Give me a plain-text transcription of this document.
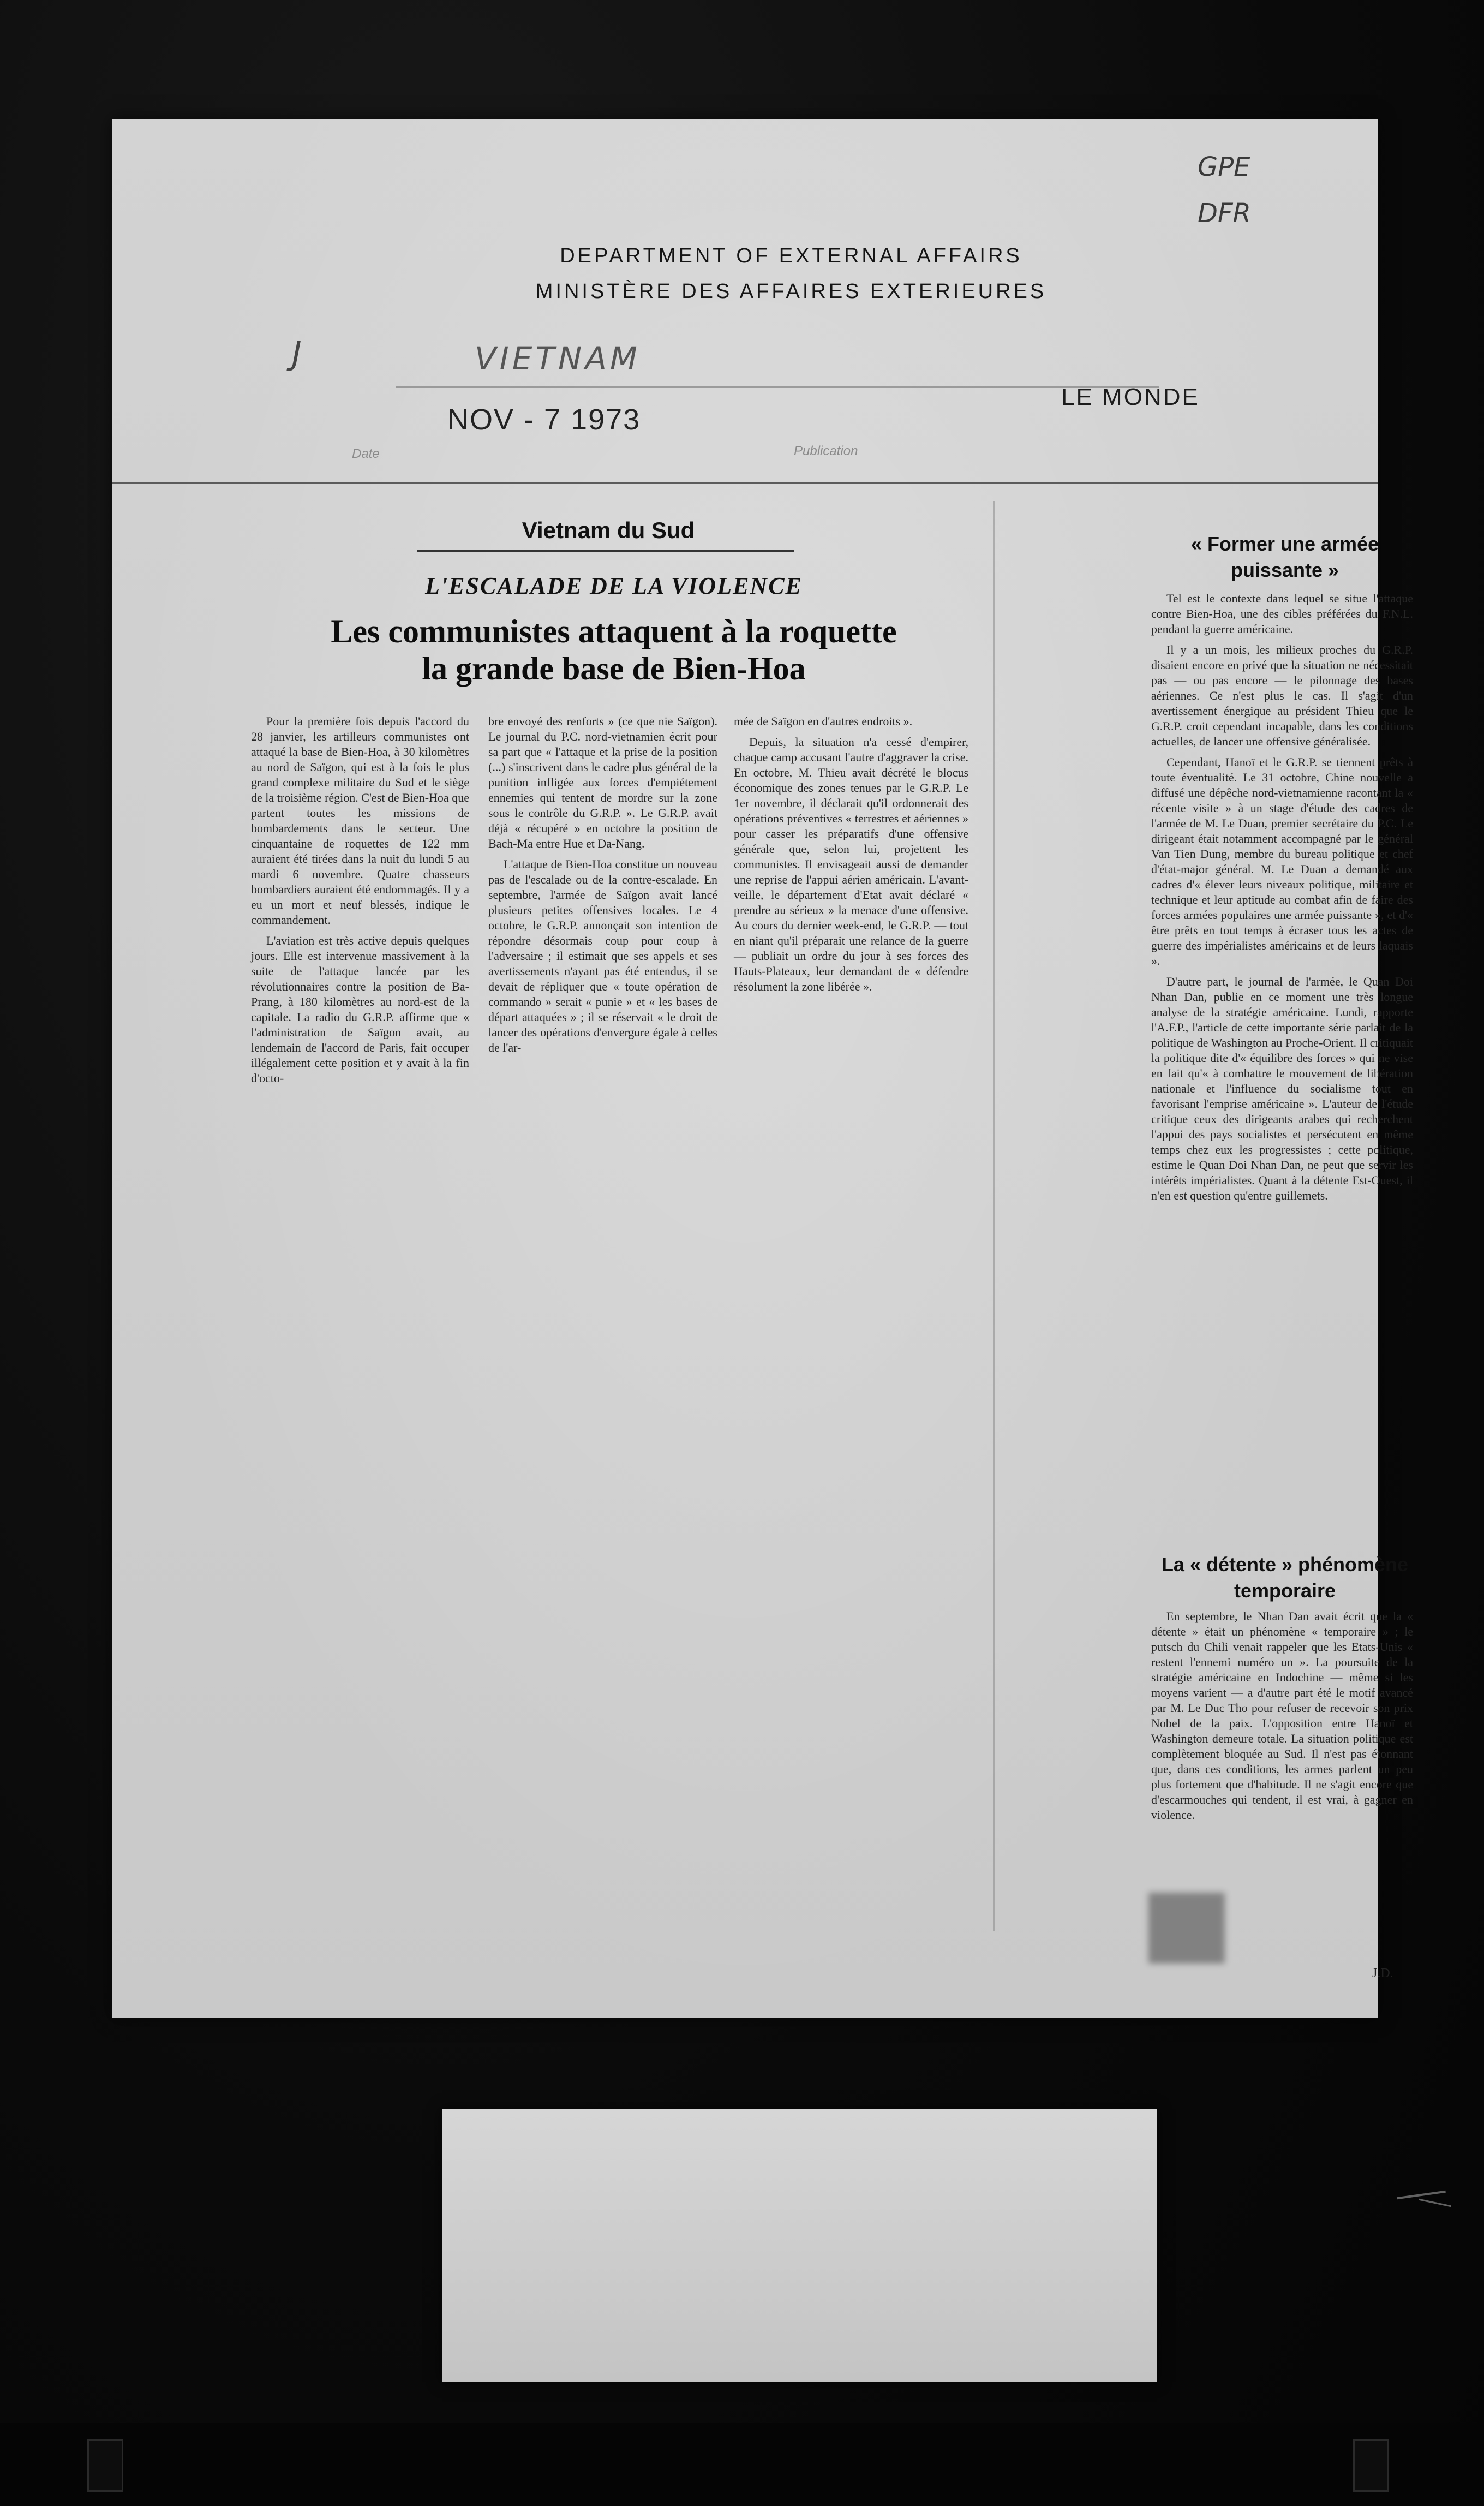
DEPARTMENT OF EXTERNAL AFFAIRS
MINISTÈRE DES AFFAIRES EXTERIEURES
GPE
DFR
J	VIETNAM
NOV - 7 1973
LE MONDE
Date	Publication
Vietnam du Sud
L'ESCALADE DE LA VIOLENCE
Les communistes attaquent à la roquette
la grande base de Bien-Hoa

Pour la première fois depuis l'accord du 28 janvier, les artilleurs communistes ont attaqué la base de Bien-Hoa, à 30 kilomètres au nord de Saïgon, qui est à la fois le plus grand complexe militaire du Sud et le siège de la troisième région. C'est de Bien-Hoa que partent toutes les missions de bombardements dans le secteur. Une cinquantaine de roquettes de 122 mm auraient été tirées dans la nuit du lundi 5 au mardi 6 novembre. Quatre chasseurs bombardiers auraient été endommagés. Il y a eu un mort et neuf blessés, indique le commandement.

L'aviation est très active depuis quelques jours. Elle est intervenue massivement à la suite de l'attaque lancée par les révolutionnaires contre la position de Ba-Prang, à 180 kilomètres au nord-est de la capitale. La radio du G.R.P. affirme que « l'administration de Saïgon avait, au lendemain de l'accord de Paris, fait occuper illégalement cette position et y avait à la fin d'octo-

bre envoyé des renforts » (ce que nie Saïgon). Le journal du P.C. nord-vietnamien écrit pour sa part que « l'attaque et la prise de la position (...) s'inscrivent dans le cadre plus général de la punition infligée aux forces d'empiétement ennemies qui tentent de mordre sur la zone sous le contrôle du G.R.P. ». Le G.R.P. avait déjà « récupéré » en octobre la position de Bach-Ma entre Hue et Da-Nang.

L'attaque de Bien-Hoa constitue un nouveau pas de l'escalade ou de la contre-escalade. En septembre, l'armée de Saïgon avait lancé plusieurs petites offensives locales. Le 4 octobre, le G.R.P. annonçait son intention de répondre désormais coup pour coup à l'adversaire ; il estimait que ses appels et ses avertissements n'ayant pas été entendus, il se devait de répliquer que « toute opération de commando » serait « punie » et « les bases de départ attaquées » ; il se réservait « le droit de lancer des opérations d'envergure égale à celles de l'ar-

mée de Saïgon en d'autres endroits ».

Depuis, la situation n'a cessé d'empirer, chaque camp accusant l'autre d'aggraver la crise. En octobre, M. Thieu avait décrété le blocus économique des zones tenues par le G.R.P. Le 1er novembre, il déclarait qu'il ordonnerait des opérations préventives « terrestres et aériennes » pour casser les préparatifs d'une offensive générale que, selon lui, projettent les communistes. Il envisageait aussi de demander une reprise de l'appui aérien américain. L'avant-veille, le département d'Etat avait déclaré « prendre au sérieux » la menace d'une offensive. Au cours du dernier week-end, le G.R.P. — tout en niant qu'il préparait une relance de la guerre — publiait un ordre du jour à ses forces des Hauts-Plateaux, leur demandant de « défendre résolument la zone libérée ».

« Former une armée puissante »

Tel est le contexte dans lequel se situe l'attaque contre Bien-Hoa, une des cibles préférées du F.N.L. pendant la guerre américaine.

Il y a un mois, les milieux proches du G.R.P. disaient encore en privé que la situation ne nécessitait pas — ou pas encore — le pilonnage des bases aériennes. Ce n'est plus le cas. Il s'agit d'un avertissement énergique au président Thieu que le G.R.P. croit cependant incapable, dans les conditions actuelles, de lancer une offensive généralisée.

Cependant, Hanoï et le G.R.P. se tiennent prêts à toute éventualité. Le 31 octobre, Chine nouvelle a diffusé une dépêche nord-vietnamienne racontant la « récente visite » à un stage d'étude des cadres de l'armée de M. Le Duan, premier secrétaire du P.C. Le dirigeant était notamment accompagné par le général Van Tien Dung, membre du bureau politique et chef d'état-major général. M. Le Duan a demandé aux cadres d'« élever leurs niveaux politique, militaire et technique et leur aptitude au combat afin de faire des forces armées populaires une armée puissante », et d'« être prêts en tout temps à écraser tous les actes de guerre des impérialistes américains et de leurs laquais ».

D'autre part, le journal de l'armée, le Quan Doi Nhan Dan, publie en ce moment une très longue analyse de la stratégie américaine. Lundi, rapporte l'A.F.P., l'article de cette importante série parlait de la politique de Washington au Proche-Orient. Il critiquait la politique dite d'« équilibre des forces » qui ne vise en fait qu'« à combattre le mouvement de libération nationale et l'influence du socialisme tout en favorisant l'emprise américaine ». L'auteur de l'étude critique ceux des dirigeants arabes qui recherchent l'appui des pays socialistes et persécutent en même temps chez eux les progressistes ; cette politique, estime le Quan Doi Nhan Dan, ne peut que servir les intérêts impérialistes. Quant à la détente Est-Ouest, il n'en est question qu'entre guillemets.

La « détente » phénomène temporaire

En septembre, le Nhan Dan avait écrit que la « détente » était un phénomène « temporaire » ; le putsch du Chili venait rappeler que les Etats-Unis « restent l'ennemi numéro un ». La poursuite de la stratégie américaine en Indochine — même si les moyens varient — a d'autre part été le motif avancé par M. Le Duc Tho pour refuser de recevoir son prix Nobel de la paix. L'opposition entre Hanoï et Washington demeure totale. La situation politique est complètement bloquée au Sud. Il n'est pas étonnant que, dans ces conditions, les armes parlent un peu plus fortement que d'habitude. Il ne s'agit encore que d'escarmouches qui tendent, il est vrai, à gagner en violence.

J.D.
